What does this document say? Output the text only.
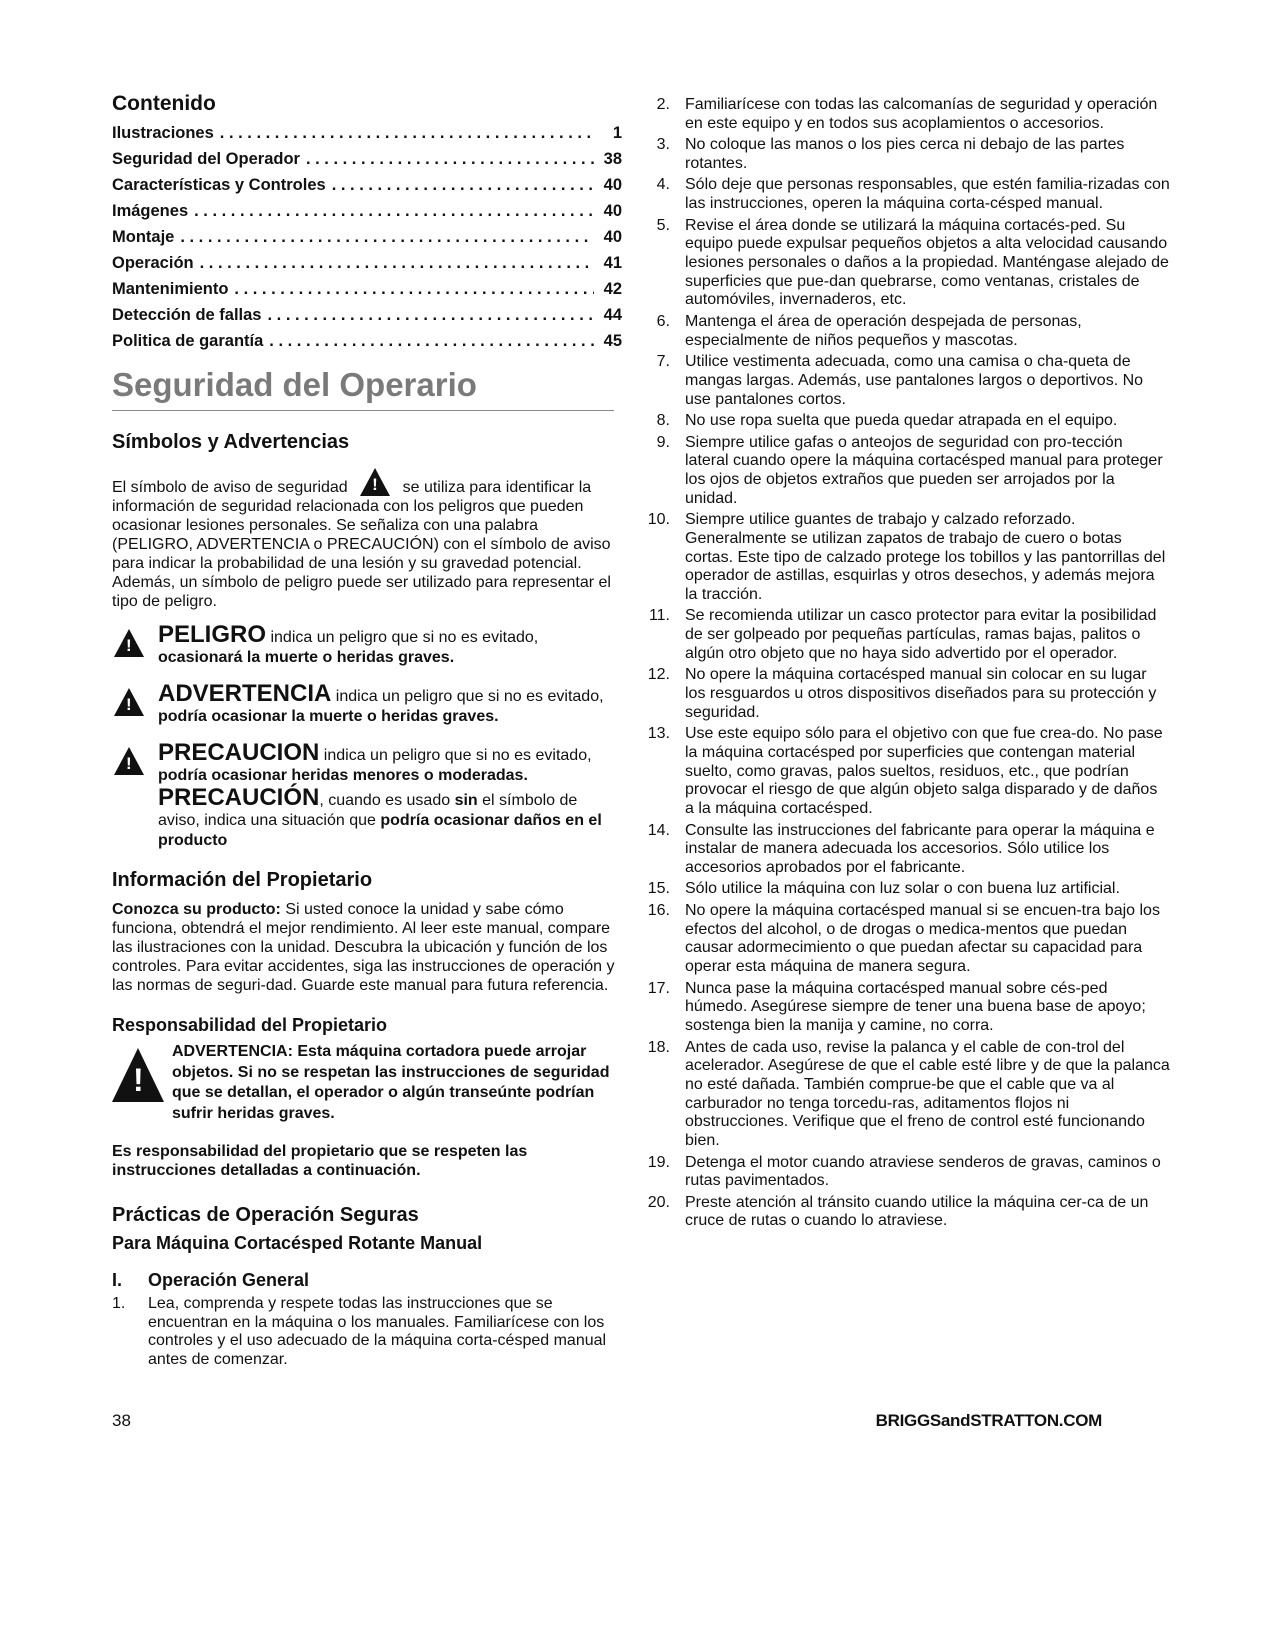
Contenido
Ilustraciones . . .	1
Seguridad del Operador . . .	38
Características y Controles . . .	40
Imágenes . . .	40
Montaje . . .	40
Operación . . .	41
Mantenimiento . . .	42
Detección de fallas . . .	44
Politica de garantía . . .	45
Seguridad del Operario
Símbolos y Advertencias

El símbolo de aviso de seguridad !	se utiliza para identificar la información de seguridad relacionada con los peligros que pueden ocasionar lesiones personales. Se señaliza con una palabra (PELIGRO, ADVERTENCIA o PRECAUCIÓN) con el símbolo de aviso para indicar la probabilidad de una lesión y su gravedad potencial. Además, un símbolo de peligro puede ser utilizado para representar el tipo de peligro.

!
PELIGRO indica un peligro que si no es evitado, ocasionará la muerte o heridas graves.
!
ADVERTENCIA indica un peligro que si no es evitado, podría ocasionar la muerte o heridas graves.
!
PRECAUCION indica un peligro que si no es evitado, podría ocasionar heridas menores o moderadas.
PRECAUCIÓN, cuando es usado sin el símbolo de aviso, indica una situación que podría ocasionar daños en el producto
Información del Propietario

Conozca su producto: Si usted conoce la unidad y sabe cómo funciona, obtendrá el mejor rendimiento. Al leer este manual, compare las ilustraciones con la unidad. Descubra la ubicación y función de los controles. Para evitar accidentes, siga las instrucciones de operación y las normas de seguri-dad. Guarde este manual para futura referencia.

Responsabilidad del Propietario
!
ADVERTENCIA: Esta máquina cortadora puede arrojar objetos. Si no se respetan las instrucciones de seguridad que se detallan, el operador o algún transeúnte podrían sufrir heridas graves.

Es responsabilidad del propietario que se respeten las instrucciones detalladas a continuación.

Prácticas de Operación Seguras
Para Máquina Cortacésped Rotante Manual
I. Operación General
1. Lea, comprenda y respete todas las instrucciones que se encuentran en la máquina o los manuales. Familiarícese con los controles y el uso adecuado de la máquina corta-césped manual antes de comenzar.
2. Familiarícese con todas las calcomanías de seguridad y operación en este equipo y en todos sus acoplamientos o accesorios.
3. No coloque las manos o los pies cerca ni debajo de las partes rotantes.
4. Sólo deje que personas responsables, que estén familia-rizadas con las instrucciones, operen la máquina corta-césped manual.
5. Revise el área donde se utilizará la máquina cortacés-ped. Su equipo puede expulsar pequeños objetos a alta velocidad causando lesiones personales o daños a la propiedad. Manténgase alejado de superficies que pue-dan quebrarse, como ventanas, cristales de automóviles, invernaderos, etc.
6. Mantenga el área de operación despejada de personas, especialmente de niños pequeños y mascotas.
7. Utilice vestimenta adecuada, como una camisa o cha-queta de mangas largas. Además, use pantalones largos o deportivos. No use pantalones cortos.
8. No use ropa suelta que pueda quedar atrapada en el equipo.
9. Siempre utilice gafas o anteojos de seguridad con pro-tección lateral cuando opere la máquina cortacésped manual para proteger los ojos de objetos extraños que pueden ser arrojados por la unidad.
10. Siempre utilice guantes de trabajo y calzado reforzado. Generalmente se utilizan zapatos de trabajo de cuero o botas cortas. Este tipo de calzado protege los tobillos y las pantorrillas del operador de astillas, esquirlas y otros desechos, y además mejora la tracción.
11. Se recomienda utilizar un casco protector para evitar la posibilidad de ser golpeado por pequeñas partículas, ramas bajas, palitos o algún otro objeto que no haya sido advertido por el operador.
12. No opere la máquina cortacésped manual sin colocar en su lugar los resguardos u otros dispositivos diseñados para su protección y seguridad.
13. Use este equipo sólo para el objetivo con que fue crea-do. No pase la máquina cortacésped por superficies que contengan material suelto, como gravas, palos sueltos, residuos, etc., que podrían provocar el riesgo de que algún objeto salga disparado y de daños a la máquina cortacésped.
14. Consulte las instrucciones del fabricante para operar la máquina e instalar de manera adecuada los accesorios. Sólo utilice los accesorios aprobados por el fabricante.
15. Sólo utilice la máquina con luz solar o con buena luz artificial.
16. No opere la máquina cortacésped manual si se encuen-tra bajo los efectos del alcohol, o de drogas o medica-mentos que puedan causar adormecimiento o que puedan afectar su capacidad para operar esta máquina de manera segura.
17. Nunca pase la máquina cortacésped manual sobre cés-ped húmedo. Asegúrese siempre de tener una buena base de apoyo; sostenga bien la manija y camine, no corra.
18. Antes de cada uso, revise la palanca y el cable de con-trol del acelerador. Asegúrese de que el cable esté libre y de que la palanca no esté dañada. También comprue-be que el cable que va al carburador no tenga torcedu-ras, aditamentos flojos ni obstrucciones. Verifique que el freno de control esté funcionando bien.
19. Detenga el motor cuando atraviese senderos de gravas, caminos o rutas pavimentados.
20. Preste atención al tránsito cuando utilice la máquina cer-ca de un cruce de rutas o cuando lo atraviese.
38	BRIGGSandSTRATTON.COM
